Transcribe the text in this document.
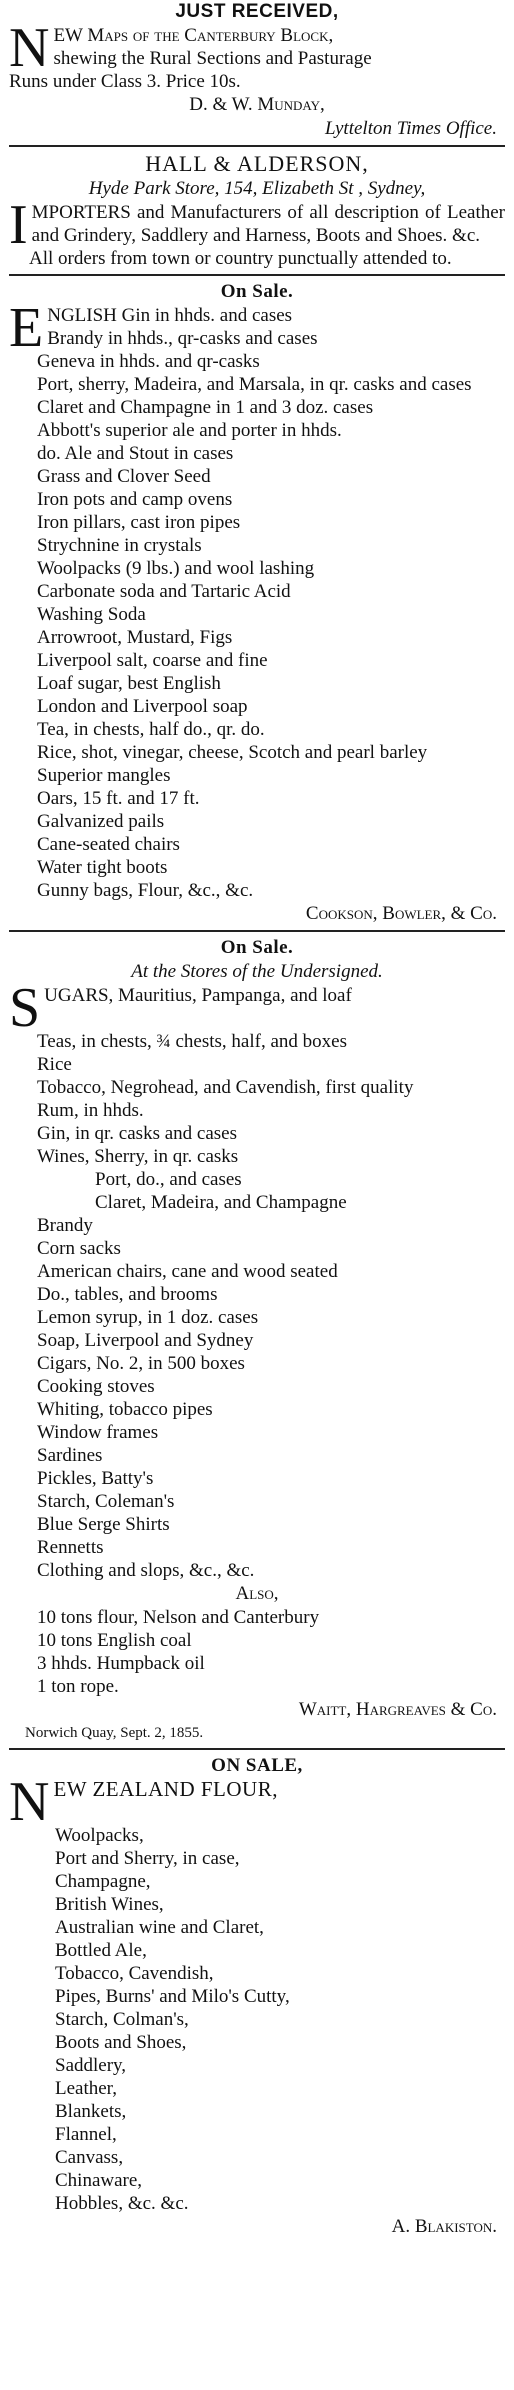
JUST RECEIVED,
N EW Maps of the Canterbury Block,
shewing the Rural Sections and Pasturage
Runs under Class 3. Price 10s.
D. & W. Munday,
Lyttelton Times Office.
HALL & ALDERSON,
Hyde Park Store, 154, Elizabeth St , Sydney,
I MPORTERS and Manufacturers of all description of Leather and Grindery, Saddlery and Harness, Boots and Shoes. &c.
All orders from town or country punctually attended to.
On Sale.
E NGLISH Gin in hhds. and cases
Brandy in hhds., qr-casks and cases
Geneva in hhds. and qr-casks
Port, sherry, Madeira, and Marsala, in qr. casks and cases
Claret and Champagne in 1 and 3 doz. cases
Abbott's superior ale and porter in hhds.
do. Ale and Stout in cases
Grass and Clover Seed
Iron pots and camp ovens
Iron pillars, cast iron pipes
Strychnine in crystals
Woolpacks (9 lbs.) and wool lashing
Carbonate soda and Tartaric Acid
Washing Soda
Arrowroot, Mustard, Figs
Liverpool salt, coarse and fine
Loaf sugar, best English
London and Liverpool soap
Tea, in chests, half do., qr. do.
Rice, shot, vinegar, cheese, Scotch and pearl barley
Superior mangles
Oars, 15 ft. and 17 ft.
Galvanized pails
Cane-seated chairs
Water tight boots
Gunny bags, Flour, &c., &c.
Cookson, Bowler, & Co.
On Sale.
At the Stores of the Undersigned.
S UGARS, Mauritius, Pampanga, and loaf
Teas, in chests, ¾ chests, half, and boxes
Rice
Tobacco, Negrohead, and Cavendish, first quality
Rum, in hhds.
Gin, in qr. casks and cases
Wines, Sherry, in qr. casks
Port, do., and cases
Claret, Madeira, and Champagne
Brandy
Corn sacks
American chairs, cane and wood seated
Do., tables, and brooms
Lemon syrup, in 1 doz. cases
Soap, Liverpool and Sydney
Cigars, No. 2, in 500 boxes
Cooking stoves
Whiting, tobacco pipes
Window frames
Sardines
Pickles, Batty's
Starch, Coleman's
Blue Serge Shirts
Rennetts
Clothing and slops, &c., &c.
Also,
10 tons flour, Nelson and Canterbury
10 tons English coal
3 hhds. Humpback oil
1 ton rope.
Waitt, Hargreaves & Co.
Norwich Quay, Sept. 2, 1855.
ON SALE,
N EW ZEALAND FLOUR,
Woolpacks,
Port and Sherry, in case,
Champagne,
British Wines,
Australian wine and Claret,
Bottled Ale,
Tobacco, Cavendish,
Pipes, Burns' and Milo's Cutty,
Starch, Colman's,
Boots and Shoes,
Saddlery,
Leather,
Blankets,
Flannel,
Canvass,
Chinaware,
Hobbles, &c. &c.
A. Blakiston.
